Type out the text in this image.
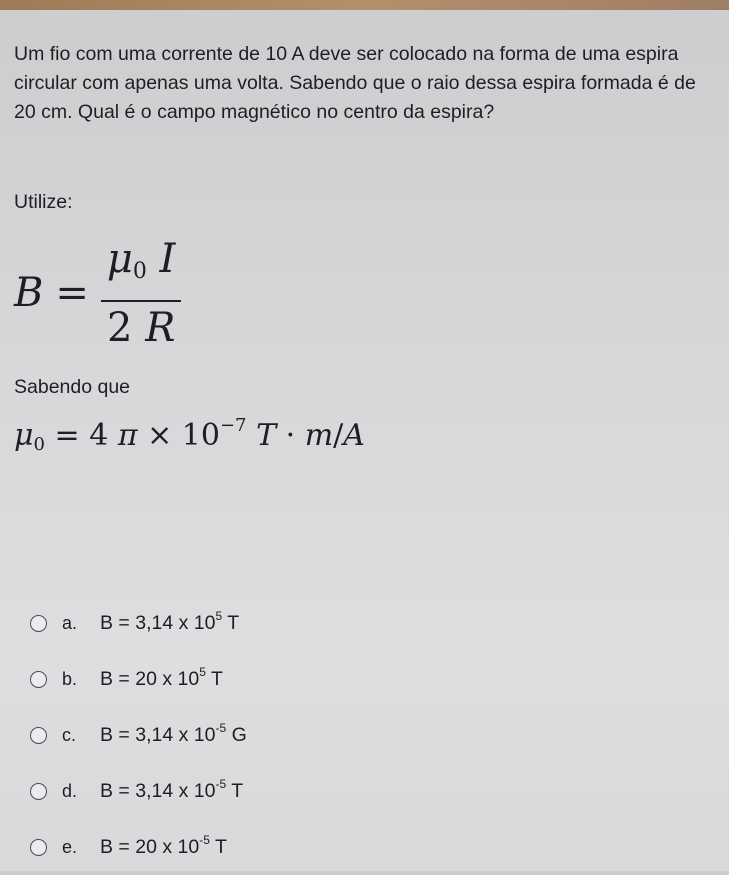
Um fio com uma corrente de 10 A deve ser colocado na forma de uma espira circular com apenas uma volta. Sabendo que o raio dessa espira formada é de 20 cm. Qual é o campo magnético no centro da espira?
Utilize:
$B = \frac{\mu_0 I}{2 R}$
Sabendo que
$\mu_0 = 4$ $\pi \times 10^{-7}$ T · m/A
a.	B = 3,14 x $10^5$ T
b.	B = 20 x $10^5$ T
c.	B = 3,14 x $10^{-5}$ G
d.	B = 3,14 x $10^{-5}$ T
e.	B = 20 x $10^{-5}$ T
